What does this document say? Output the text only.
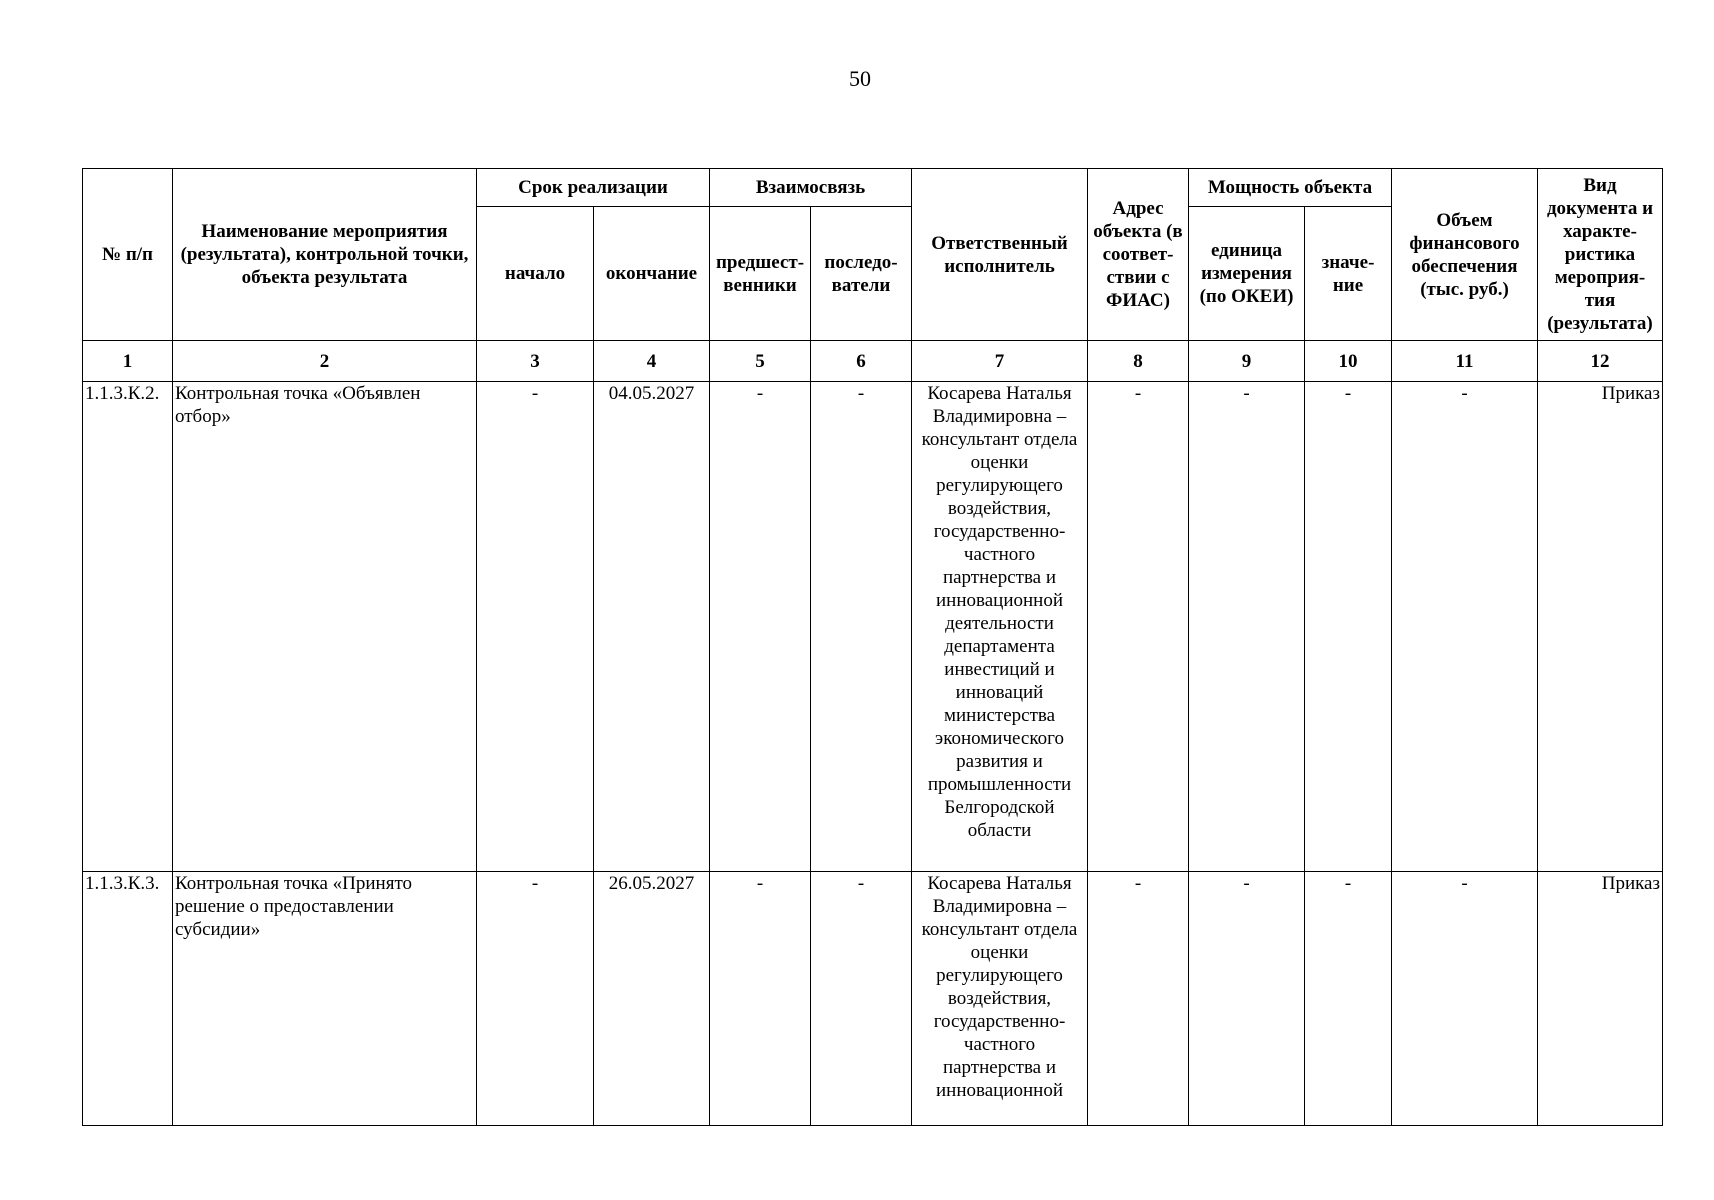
50
№ п/п	Наименование мероприятия (результата), контрольной точки, объекта результата	Срок реализации		Взаимосвязь		Ответственный исполнитель	Адрес объекта (в соответ- ствии с ФИАС)	Мощность объекта		Объем финансового обеспечения (тыс. руб.)	Вид документа и характе- ристика мероприя- тия (результата)
		начало	окончание	предшест- венники	последо- ватели			единица измерения (по ОКЕИ)	значе- ние		
1	2	3	4	5	6	7	8	9	10	11	12
1.1.3.К.2.	Контрольная точка «Объявлен отбор»	-	04.05.2027	-	-	Косарева Наталья Владимировна – консультант отдела оценки регулирующего воздействия, государственно-частного партнерства и инновационной деятельности департамента инвестиций и инноваций министерства экономического развития и промышленности Белгородской области	-	-	-	-	Приказ
1.1.3.К.3.	Контрольная точка «Принято решение о предоставлении субсидии»	-	26.05.2027	-	-	Косарева Наталья Владимировна – консультант отдела оценки регулирующего воздействия, государственно-частного партнерства и инновационной	-	-	-	-	Приказ
